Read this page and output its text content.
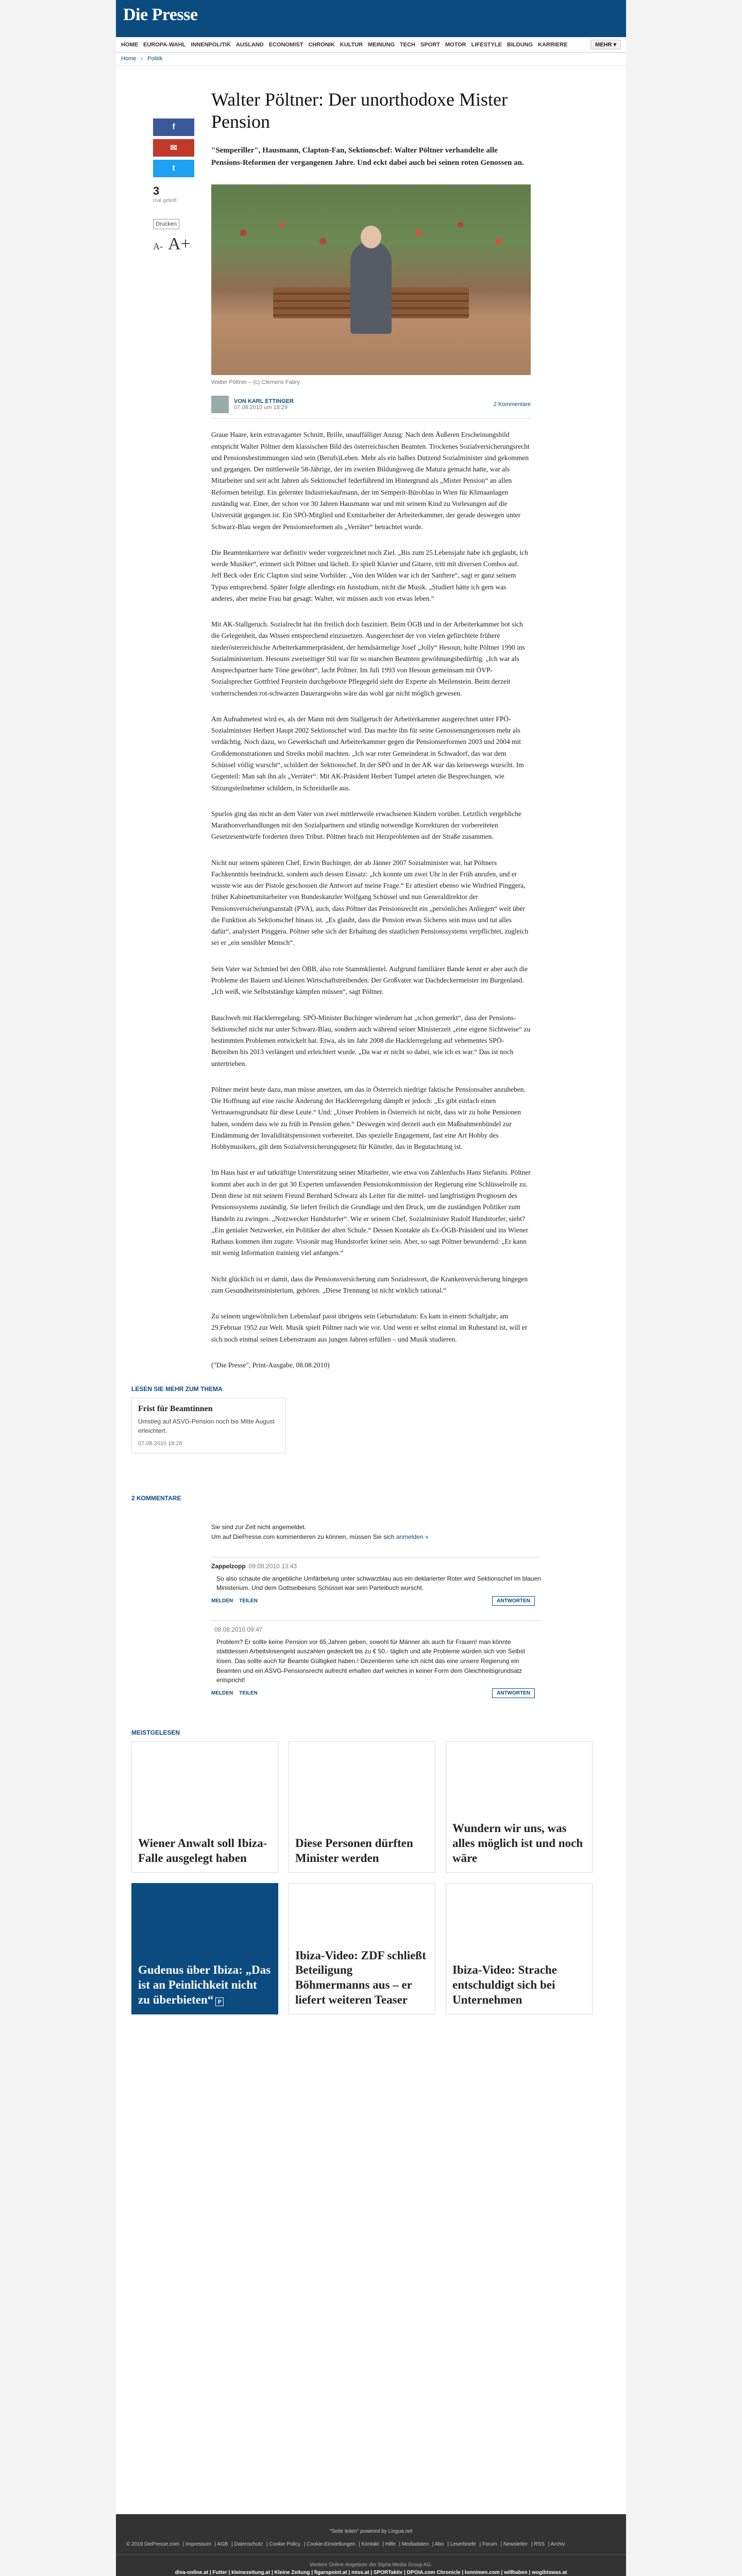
Die Presse
HOME EUROPA-WAHL INNENPOLITIK AUSLAND ECONOMIST CHRONIK KULTUR MEINUNG TECH SPORT MOTOR LIFESTYLE BILDUNG KARRIERE	MEHR ▾
Home › Politik
f
✉
t
3
mal geteilt
Drucken
A- A+
Walter Pöltner: Der unorthodoxe Mister Pension

"Semperiller", Hausmann, Clapton-Fan, Sektionschef: Walter Pöltner verhandelte alle Pensions-Reformen der vergangenen Jahre. Und eckt dabei auch bei seinen roten Genossen an.

Walter Pöltner – (c) Clemens Fabry
VON KARL ETTINGER
07.08.2010 um 18:29	2 Kommentare

Graue Haare, kein extravaganter Schnitt, Brille, unauffälliger Anzug: Nach dem Äußeren Erscheinungsbild entspricht Walter Pöltner dem klassischen Bild des österreichischen Beamten. Trockenes Sozialversicherungsrecht und Pensionsbestimmungen sind sein (Berufs)Leben. Mehr als ein halbes Dutzend Sozialminister sind gekommen und gegangen. Der mittlerweile 58-Jährige, der im zweiten Bildungsweg die Matura gemacht hatte, war als Mitarbeiter und seit acht Jahren als Sektionschef federführend im Hintergrund als „Mister Pension“ an allen Reformen beteiligt. Ein gelernter Industriekaufmann, der im Semperit-Büroblau in Wien für Klimaanlagen zuständig war. Einer, der schon vor 30 Jahren Hausmann war und mit seinem Kind zu Vorlesungen auf die Universität gegangen ist. Ein SPÖ-Mitglied und Exmitarbeiter der Arbeiterkammer, der gerade deswegen unter Schwarz-Blau wegen der Pensionsreformen als „Verräter“ betrachtet wurde.

Die Beamtenkarriere war definitiv weder vorgezeichnet noch Ziel. „Bis zum 25.Lebensjahr habe ich geglaubt, ich werde Musiker“, erinnert sich Pöltner und lächelt. Er spielt Klavier und Gitarre, tritt mit diversen Combos auf. Jeff Beck oder Eric Clapton sind seine Vorbilder. „Von den Wilden war ich der Sanftere“, sagt er ganz seinem Typus entsprechend. Später folgte allerdings ein Jusstudium, nicht die Musik. „Studiert hätte ich gern was anderes, aber meine Frau hat gesagt: Walter, wir müssen auch von etwas leben.“

Mit AK-Stallgeruch. Sozialrecht hat ihn freilich doch fasziniert. Beim ÖGB und in der Arbeiterkammer bot sich die Gelegenheit, das Wissen entsprechend einzusetzen. Ausgerechnet der von vielen gefürchtete frühere niederösterreichische Arbeiterkammerpräsident, der hemdsärmelige Josef „Jolly“ Hesoun, holte Pöltner 1990 ins Sozialministerium. Hesouns zweiseitiger Stil war für so manchen Beamten gewöhnungsbedürftig. „Ich war als Ansprechpartner harte Töne gewöhnt“, lacht Pöltner. Im Juli 1993 von Hesoun gemeinsam mit ÖVP-Sozialsprecher Gottfried Feurstein durchgeboxte Pflegegeld sieht der Experte als Meilenstein. Beim derzeit vorherrschenden rot-schwarzen Dauerargwohn wäre das wohl gar nicht möglich gewesen.

Am Aufnahmetest wird es, als der Mann mit dem Stallgeruch der Arbeiterkammer ausgerechnet unter FPÖ-Sozialminister Herbert Haupt 2002 Sektionschef wird. Das machte ihn für seine Genossenungenossen mehr als verdächtig. Noch dazu, wo Gewerkschaft und Arbeiterkammer gegen die Pensionsreformen 2003 und 2004 mit Großdemonstrationen und Streiks mobil machten. „Ich war roter Gemeinderat in Schwadorf, das war dem Schüssel völlig wurscht“, schildert der Sektionschef. In der SPÖ und in der AK war das keineswegs wurscht. Im Gegenteil: Man sah ihn als „Verräter“. Mit AK-Präsident Herbert Tumpel arteten die Besprechungen, wie Sitzungsteilnehmer schildern, in Schreiduelle aus.

Spurlos ging das nicht an dem Vater von zwei mittlerweile erwachsenen Kindern vorüber. Letztlich vergebliche Marathonverhandlungen mit den Sozialpartnern und stündig notwendige Korrekturen der vorbereiteten Gesetzesentwürfe forderten ihren Tribut. Pöltner brach mit Herzproblemen auf der Straße zusammen.

Nicht nur seinem späteren Chef, Erwin Buchinger, der ab Jänner 2007 Sozialminister war, hat Pöltners Fachkenntnis beeindruckt, sondern auch dessen Einsatz: „Ich konnte um zwei Uhr in der Früh anrufen, und er wusste wie aus der Pistole geschossen die Antwort auf meine Frage.“ Er attestiert ebenso wie Winfried Pinggera, früher Kabinettsmitarbeiter von Bundeskanzler Wolfgang Schüssel und nun Generaldirektor der Pensionsversicherungsanstalt (PVA), auch, dass Pöltner das Pensionsrecht ein „persönliches Anliegen“ weit über die Funktion als Sektionschef hinaus ist. „Es glaubt, dass die Pension etwas Sicheres sein muss und tut alles dafür“, analysiert Pinggera. Pöltner sehe sich der Erhaltung des staatlichen Pensionssystems verpflichtet, zugleich sei er „ein sensibler Mensch“.

Sein Vater war Schmied bei den ÖBB, also rote Stammklientel. Aufgrund familiärer Bande kennt er aber auch die Probleme der Bauern und kleinen Wirtschaftstreibenden. Der Großvater war Dachdeckermeister im Burgenland. „Ich weiß, wie Selbstständige kämpfen müssen“, sagt Pöltner.

Bauchweh mit Hacklerregelung. SPÖ-Minister Buchinger wiederum hat „schon gemerkt“, dass der Pensions-Sektionschef nicht nur unter Schwarz-Blau, sondern auch während seiner Ministerzeit „eine eigene Sichtweise“ zu bestimmten Problemen entwickelt hat. Etwa, als im Jahr 2008 die Hacklerregelung auf vehementes SPÖ-Betreiben bis 2013 verlängert und erleichtert wurde. „Da war er nicht so dabei, wie ich es war.“ Das ist noch untertrieben.

Pöltner meint heute dazu, man müsse ansetzen, um das in Österreich niedrige faktische Pensionsalter anzuheben. Die Hoffnung auf eine rasche Änderung der Hacklerregelung dämpft er jedoch: „Es gibt einfach einen Vertrauensgrundsatz für diese Leute.“ Und: „Unser Problem in Österreich ist nicht, dass wir zu hohe Pensionen haben, sondern dass wie zu früh in Pension gehen.“ Deswegen wird derzeit auch ein Maßnahmenbündel zur Eindämmung der Invaliditätspensionen vorbereitet. Das spezielle Engagement, fast eine Art Hobby des Hobbymusikers, gilt dem Sozialversicherungsgesetz für Künstler, das in Begutachtung ist.

Im Haus hast er auf tatkräftige Unterstützung seiner Mitarbeiter, wie etwa von Zahlenfuchs Hans Stefanits. Pöltner kommt aber auch in der gut 30 Experten umfassenden Pensionskommission der Regierung eine Schlüsselrolle zu. Denn diese ist mit seinem Freund Bernhard Schwarz als Leiter für die mittel- und langfristigen Prognosen des Pensionssystems zuständig. Sie liefert freilich die Grundlage und den Druck, um die zuständigen Politiker zum Handeln zu zwingen. „Notzwecker Hundstorfer“. Wie er seinem Chef, Sozialminister Rudolf Hundstorfer, sieht? „Ein genialer Netzwerker, ein Politiker der alten Schule.“ Dessen Kontakte als Ex-ÖGB-Präsident und ins Wiener Rathaus kommen ihm zugute. Visionär mag Hundstorfer keiner sein. Aber, so sagt Pöltner bewundernd: „Er kann mit wenig Information trainieig viel anfangen.“

Nicht glücklich ist er damit, dass die Pensionsversicherung zum Sozialressort, die Krankenversicherung hingegen zum Gesundheitsministerium, gehören. „Diese Trennung ist nicht wirklich rational.“

Zu seinem ungewöhnlichen Lebenslauf passt übrigens sein Geburtsdatum: Es kam in einem Schaltjahr, am 29.Februar 1952 zur Welt. Musik spielt Pöltner nach wie vor. Und wenn er selbst einmal im Ruhestand ist, will er sich noch einmal seinen Lebenstraum aus jungen Jahren erfüllen – und Musik studieren.

("Die Presse", Print-Ausgabe, 08.08.2010)

LESEN SIE MEHR ZUM THEMA
Frist für Beamtinnen

Umstieg auf ASVG-Pension noch bis Mitte August erleichtert.

07.08.2010 18:28
2 KOMMENTARE
Sie sind zur Zeit nicht angemeldet.
Um auf DiePresse.com kommentieren zu können, müssen Sie sich anmelden »
Zappelzopp 09.08.2010 13:43
So also schaute die angebliche Umfärbelung unter schwarzblau aus ein deklarierter Roter wird Sektionschef im blauen Ministerium. Und dem Gottseibeiuns Schüssel war sein Parteibuch wurscht.
MELDEN TEILEN	ANTWORTEN
08.08.2010 09:47
Problem? Er sollte keine Pension vor 65 Jahren geben, sowohl für Männer als auch für Frauen! man könnte stattdessen Arbeitslosengeld auszahlen gedeckelt bis zu € 50.- täglich und alle Probleme würden sich von Selbst lösen. Das sollte auch für Beamte Gültigkeit haben.! Dezentieren sehe ich nicht das eine unsere Regierung ein Beamten und ein ASVG-Pensionsrecht aufrecht erhalten darf welches in keiner Form dem Gleichheitsgrundsatz entspricht!
MELDEN TEILEN	ANTWORTEN
MEISTGELESEN
Wiener Anwalt soll Ibiza-Falle ausgelegt haben
Diese Personen dürften Minister werden
Wundern wir uns, was alles möglich ist und noch wäre
Gudenus über Ibiza: „Das ist an Peinlichkeit nicht zu überbieten“ P
Ibiza-Video: ZDF schließt Beteiligung Böhmermanns aus – er liefert weiteren Teaser
Ibiza-Video: Strache entschuldigt sich bei Unternehmen
"Seite teilen" powered by Lingua.net
© 2019 DiePresse.com | Impressum | AGB | Datenschutz | Cookie Policy | Cookie-Einstellungen | Kontakt | Hilfe | Mediadaten | Abo | Leserbriefe | Forum | Newsletter | RSS | Archiv
Weitere Online-Angebote der Styria Media Group AG:
diva-online.at | Futter | kleinezeitung.at | Kleine Zeitung | figaropoint.at | miss.at | SPORTaktiv | DPOIA.com Chronicle | lonnimen.com | willhaben | wogibtswas.at
